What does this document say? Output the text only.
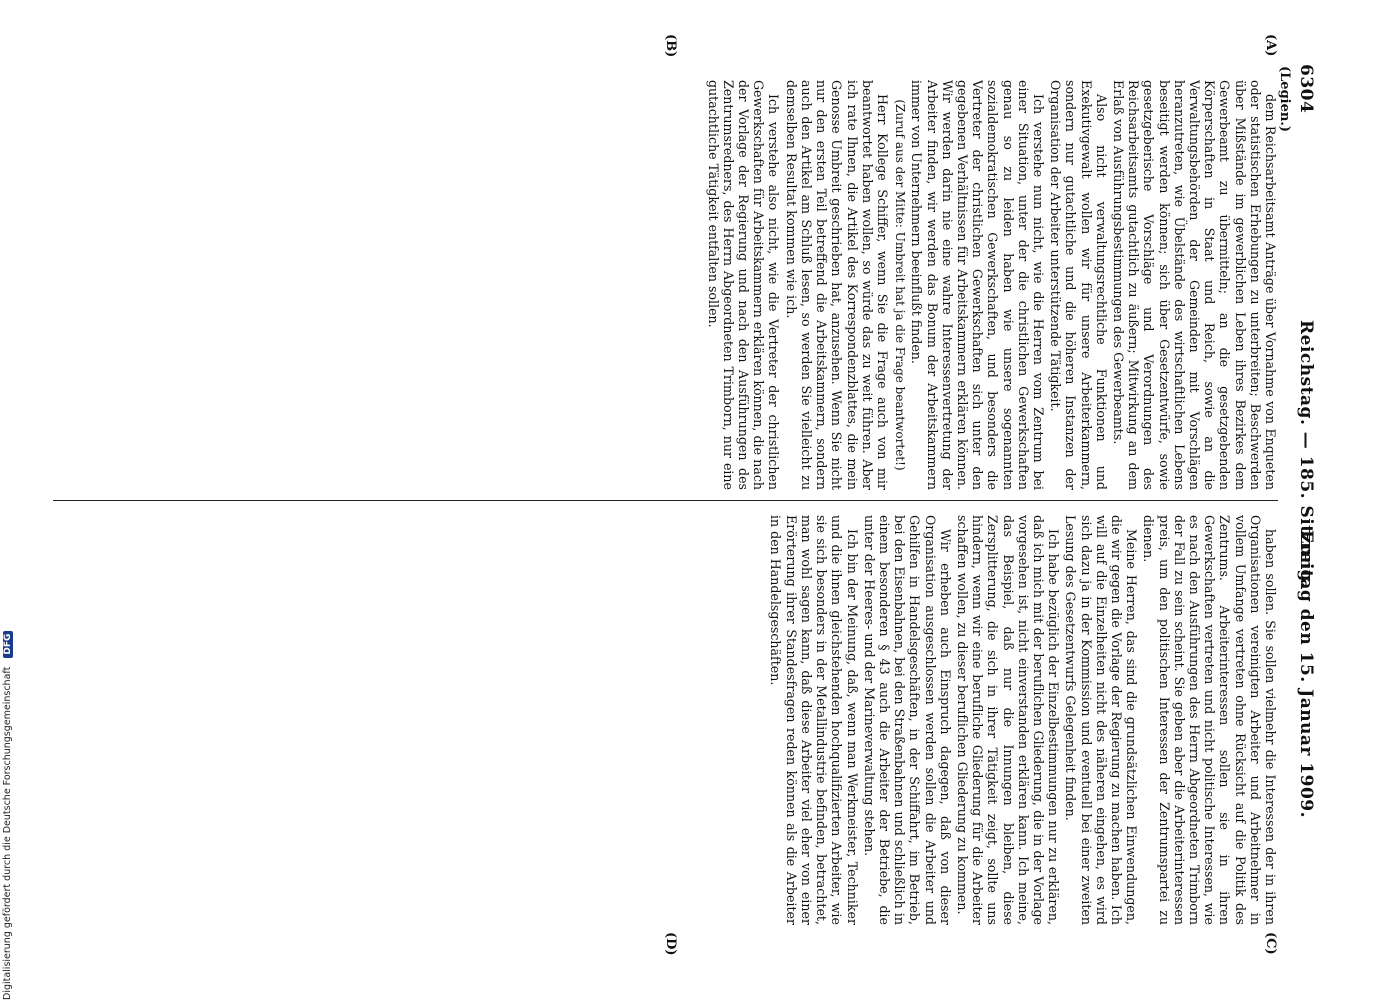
6304
Reichstag. — 185. Sitzung.
Freitag den 15. Januar 1909.
(Legien.)
(A)
(B)
(C)
(D)

dem Reichsarbeitsamt Anträge über Vornahme von Enqueten oder statistischen Erhebungen zu unterbreiten; Beschwerden über Mißstände im gewerblichen Leben ihres Bezirkes dem Gewerbeamt zu übermitteln; an die gesetzgebenden Körperschaften in Staat und Reich, sowie an die Verwaltungsbehörden der Gemeinden mit Vorschlägen heranzutreten, wie Übelstände des wirtschaftlichen Lebens beseitigt werden können; sich über Gesetzentwürfe, sowie gesetzgeberische Vorschläge und Verordnungen des Reichsarbeitsamts gutachtlich zu äußern; Mitwirkung an dem Erlaß von Ausführungsbestimmungen des Gewerbeamts.

Also nicht verwaltungsrechtliche Funktionen und Exekutivgewalt wollen wir für unsere Arbeiterkammern, sondern nur gutachtliche und die höheren Instanzen der Organisation der Arbeiter unterstützende Tätigkeit.

Ich verstehe nun nicht, wie die Herren vom Zentrum bei einer Situation, unter der die christlichen Gewerkschaften genau so zu leiden haben wie unsere sogenannten sozialdemokratischen Gewerkschaften, und besonders die Vertreter der christlichen Gewerkschaften sich unter den gegebenen Verhältnissen für Arbeitskammern erklären können. Wir werden darin nie eine wahre Interessenvertretung der Arbeiter finden, wir werden das Bonum der Arbeitskammern immer von Unternehmern beeinflußt finden.

(Zuruf aus der Mitte: Umbreit hat ja die Frage beantwortet!)

Herr Kollege Schiffer, wenn Sie die Frage auch von mir beantwortet haben wollen, so würde das zu weit führen. Aber ich rate Ihnen, die Artikel des Korrespondenzblattes, die mein Genosse Umbreit geschrieben hat, anzusehen. Wenn Sie nicht nur den ersten Teil betreffend die Arbeitskammern, sondern auch den Artikel am Schluß lesen, so werden Sie vielleicht zu demselben Resultat kommen wie ich.

Ich verstehe also nicht, wie die Vertreter der christlichen Gewerkschaften für Arbeitskammern erklären können, die nach der Vorlage der Regierung und nach den Ausführungen des Zentrumsredners, des Herrn Abgeordneten Trimborn, nur eine gutachtliche Tätigkeit entfalten sollen.

haben sollen. Sie sollen vielmehr die Interessen der in ihren Organisationen vereinigten Arbeiter und Arbeitnehmer in vollem Umfange vertreten ohne Rücksicht auf die Politik des Zentrums. Arbeiterinteressen sollen sie in ihren Gewerkschaften vertreten und nicht politische Interessen, wie es nach den Ausführungen des Herrn Abgeordneten Trimborn der Fall zu sein scheint. Sie geben aber die Arbeiterinteressen preis, um den politischen Interessen der Zentrumspartei zu dienen.

Meine Herren, das sind die grundsätzlichen Einwendungen, die wir gegen die Vorlage der Regierung zu machen haben. Ich will auf die Einzelheiten nicht des näheren eingehen, es wird sich dazu ja in der Kommission und eventuell bei einer zweiten Lesung des Gesetzentwurfs Gelegenheit finden.

Ich habe bezüglich der Einzelbestimmungen nur zu erklären, daß ich mich mit der beruflichen Gliederung, die in der Vorlage vorgesehen ist, nicht einverstanden erklären kann. Ich meine, das Beispiel, daß nur die Innungen bleiben, diese Zersplitterung, die sich in ihrer Tätigkeit zeigt, sollte uns hindern, wenn wir eine berufliche Gliederung für die Arbeiter schaffen wollen, zu dieser beruflichen Gliederung zu kommen.

Wir erheben auch Einspruch dagegen, daß von dieser Organisation ausgeschlossen werden sollen die Arbeiter und Gehilfen in Handelsgeschäften, in der Schiffahrt, im Betrieb, bei den Eisenbahnen, bei den Straßenbahnen und schließlich in einem besonderen § 43 auch die Arbeiter der Betriebe, die unter der Heeres- und der Marineverwaltung stehen.

Ich bin der Meinung, daß, wenn man Werkmeister, Techniker und die ihnen gleichstehenden hochqualifizierten Arbeiter, wie sie sich besonders in der Metallindustrie befinden, betrachtet, man wohl sagen kann, daß diese Arbeiter viel eher von einer Erörterung ihrer Standesfragen reden können als die Arbeiter in den Handelsgeschäften.

Digitalisierung gefördert durch die Deutsche Forschungsgemeinschaft DFG
